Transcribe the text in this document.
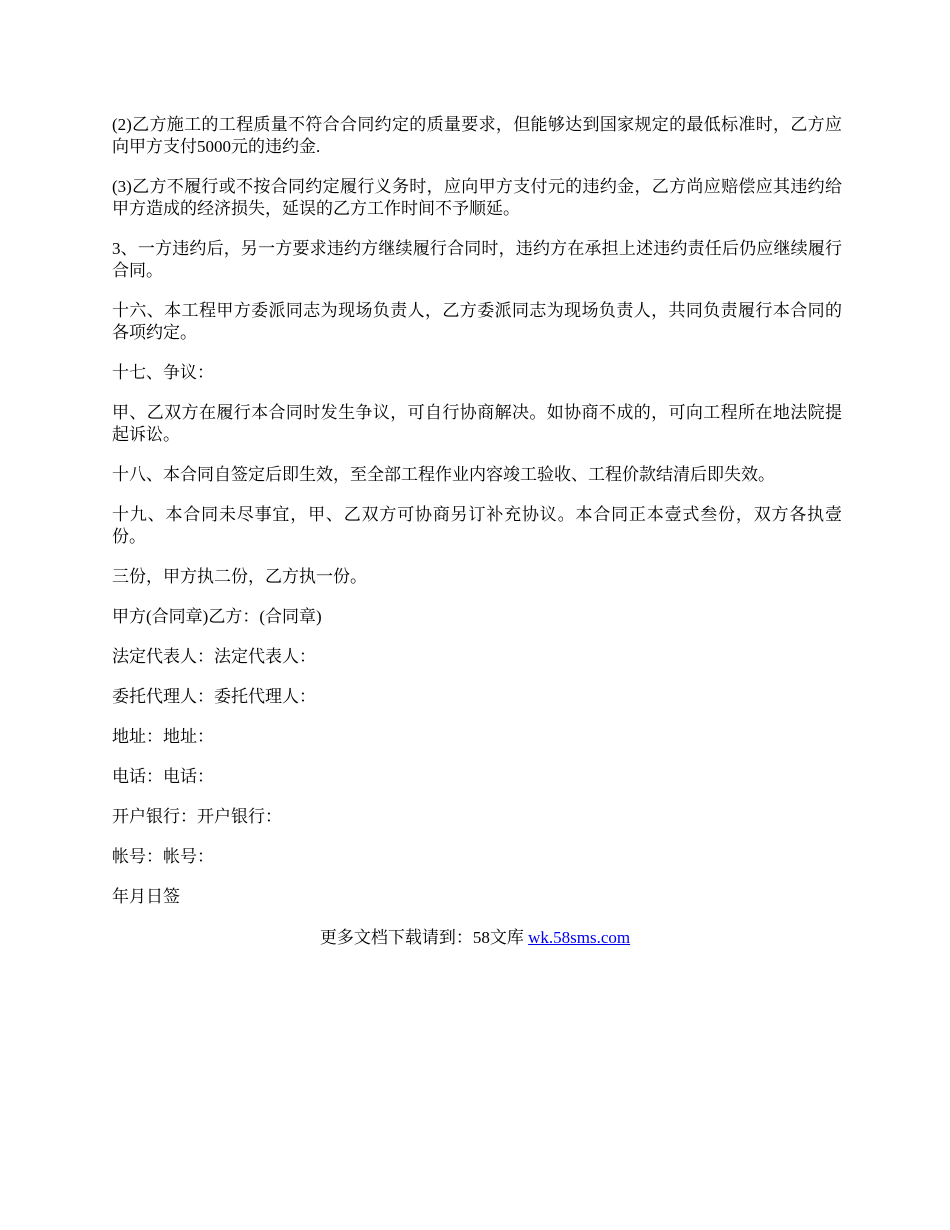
(2)乙方施工的工程质量不符合合同约定的质量要求，但能够达到国家规定的最低标准时，乙方应向甲方支付5000元的违约金.

(3)乙方不履行或不按合同约定履行义务时，应向甲方支付元的违约金，乙方尚应赔偿应其违约给甲方造成的经济损失，延误的乙方工作时间不予顺延。

3、一方违约后，另一方要求违约方继续履行合同时，违约方在承担上述违约责任后仍应继续履行合同。

十六、本工程甲方委派同志为现场负责人，乙方委派同志为现场负责人，共同负责履行本合同的各项约定。

十七、争议：

甲、乙双方在履行本合同时发生争议，可自行协商解决。如协商不成的，可向工程所在地法院提起诉讼。

十八、本合同自签定后即生效，至全部工程作业内容竣工验收、工程价款结清后即失效。

十九、本合同未尽事宜，甲、乙双方可协商另订补充协议。本合同正本壹式叁份，双方各执壹份。

三份，甲方执二份，乙方执一份。

甲方(合同章)乙方：(合同章)

法定代表人：法定代表人：

委托代理人：委托代理人：

地址：地址：

电话：电话：

开户银行：开户银行：

帐号：帐号：

年月日签

更多文档下载请到：58文库 wk.58sms.com
